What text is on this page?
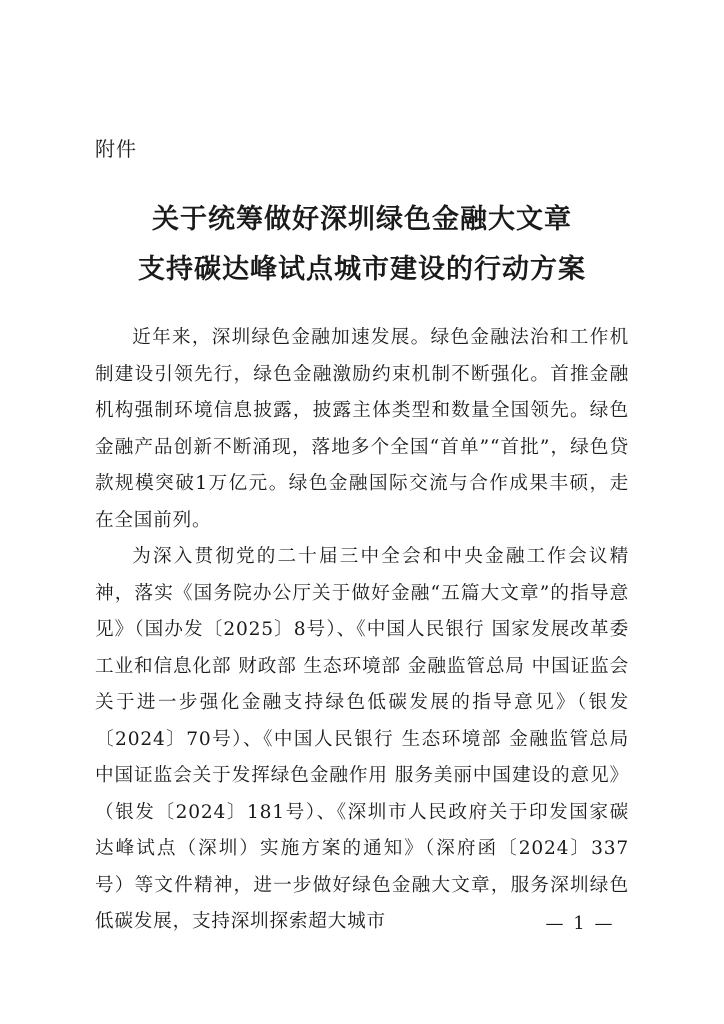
附件
关于统筹做好深圳绿色金融大文章
支持碳达峰试点城市建设的行动方案

近年来，深圳绿色金融加速发展。绿色金融法治和工作机制建设引领先行，绿色金融激励约束机制不断强化。首推金融机构强制环境信息披露，披露主体类型和数量全国领先。绿色金融产品创新不断涌现，落地多个全国“首单”“首批”，绿色贷款规模突破1万亿元。绿色金融国际交流与合作成果丰硕，走在全国前列。

为深入贯彻党的二十届三中全会和中央金融工作会议精神，落实《国务院办公厅关于做好金融“五篇大文章”的指导意见》（国办发〔2025〕8号）、《中国人民银行 国家发展改革委 工业和信息化部 财政部 生态环境部 金融监管总局 中国证监会关于进一步强化金融支持绿色低碳发展的指导意见》（银发〔2024〕70号）、《中国人民银行 生态环境部 金融监管总局 中国证监会关于发挥绿色金融作用 服务美丽中国建设的意见》（银发〔2024〕181号）、《深圳市人民政府关于印发国家碳达峰试点（深圳）实施方案的通知》（深府函〔2024〕337号）等文件精神，进一步做好绿色金融大文章，服务深圳绿色低碳发展，支持深圳探索超大城市	— 1 —
